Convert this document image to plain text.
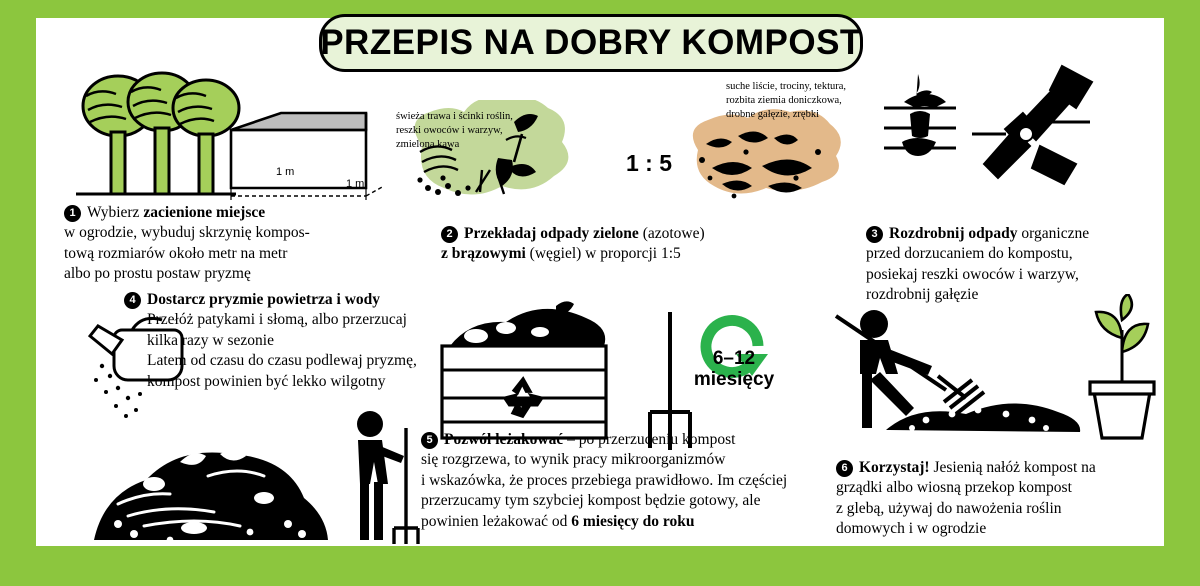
PRZEPIS NA DOBRY KOMPOST
1 m
1 m
świeża trawa i ścinki roślin,
reszki owoców i warzyw,
zmielona kawa
1 : 5
suche liście, trociny, tektura,
rozbita ziemia doniczkowa,
drobne gałęzie, zrębki
6–12
miesięcy

1 Wybierz zacienione miejsce

w ogrodzie, wybuduj skrzynię kompos-

tową rozmiarów około metr na metr

albo po prostu postaw pryzmę

2 Przekładaj odpady zielone (azotowe)

z brązowymi (węgiel) w proporcji 1:5

3 Rozdrobnij odpady organiczne

przed dorzucaniem do kompostu,

posiekaj reszki owoców i warzyw,

rozdrobnij gałęzie

4 Dostarcz pryzmie powietrza i wody

Przełóż patykami i słomą, albo przerzucaj

kilka razy w sezonie

Latem od czasu do czasu podlewaj pryzmę,

kompost powinien być lekko wilgotny

5 Pozwól leżakować – po przerzuceniu kompost

się rozgrzewa, to wynik pracy mikroorganizmów

i wskazówka, że proces przebiega prawidłowo. Im częściej

przerzucamy tym szybciej kompost będzie gotowy, ale

powinien leżakować od 6 miesięcy do roku

6 Korzystaj! Jesienią nałóż kompost na

grządki albo wiosną przekop kompost

z glebą, używaj do nawożenia roślin

domowych i w ogrodzie
